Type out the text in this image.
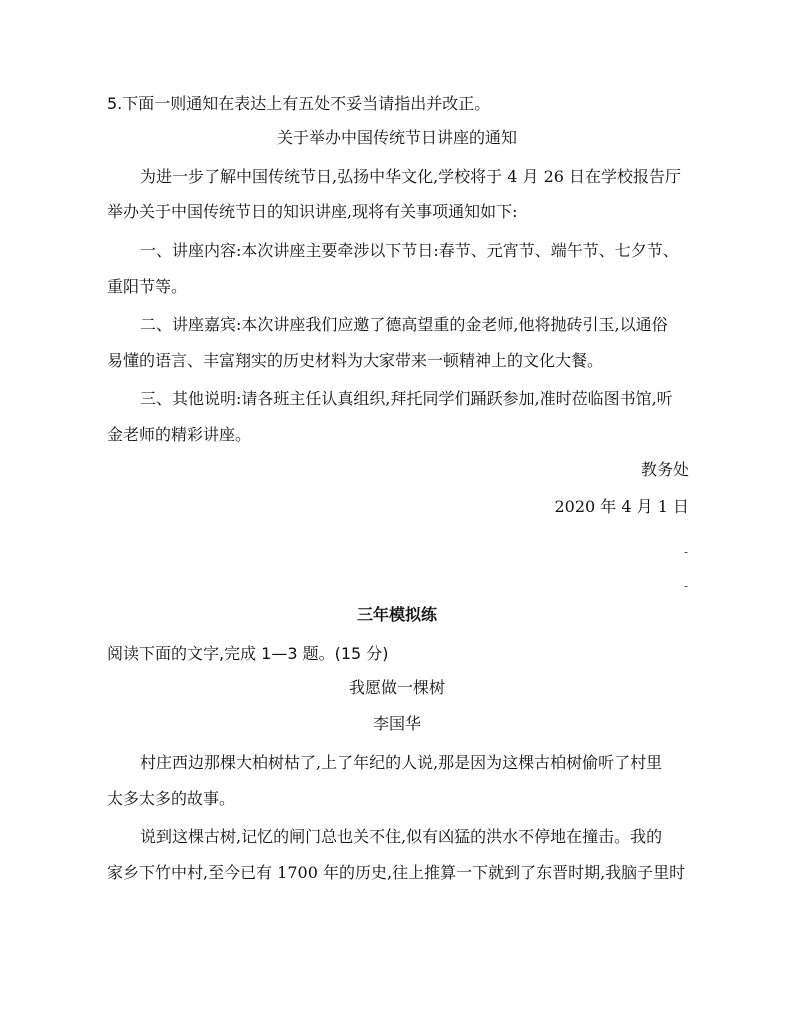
5.下面一则通知在表达上有五处不妥当请指出并改正。
关于举办中国传统节日讲座的通知
为进一步了解中国传统节日,弘扬中华文化,学校将于 4 月 26 日在学校报告厅
举办关于中国传统节日的知识讲座,现将有关事项通知如下:
一、讲座内容:本次讲座主要牵涉以下节日:春节、元宵节、端午节、七夕节、
重阳节等。
二、讲座嘉宾:本次讲座我们应邀了德高望重的金老师,他将抛砖引玉,以通俗
易懂的语言、丰富翔实的历史材料为大家带来一顿精神上的文化大餐。
三、其他说明:请各班主任认真组织,拜托同学们踊跃参加,准时莅临图书馆,听
金老师的精彩讲座。
教务处
2020 年 4 月 1 日
-
-
三年模拟练
阅读下面的文字,完成 1—3 题。(15 分)
我愿做一棵树
李国华
村庄西边那棵大柏树枯了,上了年纪的人说,那是因为这棵古柏树偷听了村里
太多太多的故事。
说到这棵古树,记忆的闸门总也关不住,似有凶猛的洪水不停地在撞击。我的
家乡下竹中村,至今已有 1700 年的历史,往上推算一下就到了东晋时期,我脑子里时
